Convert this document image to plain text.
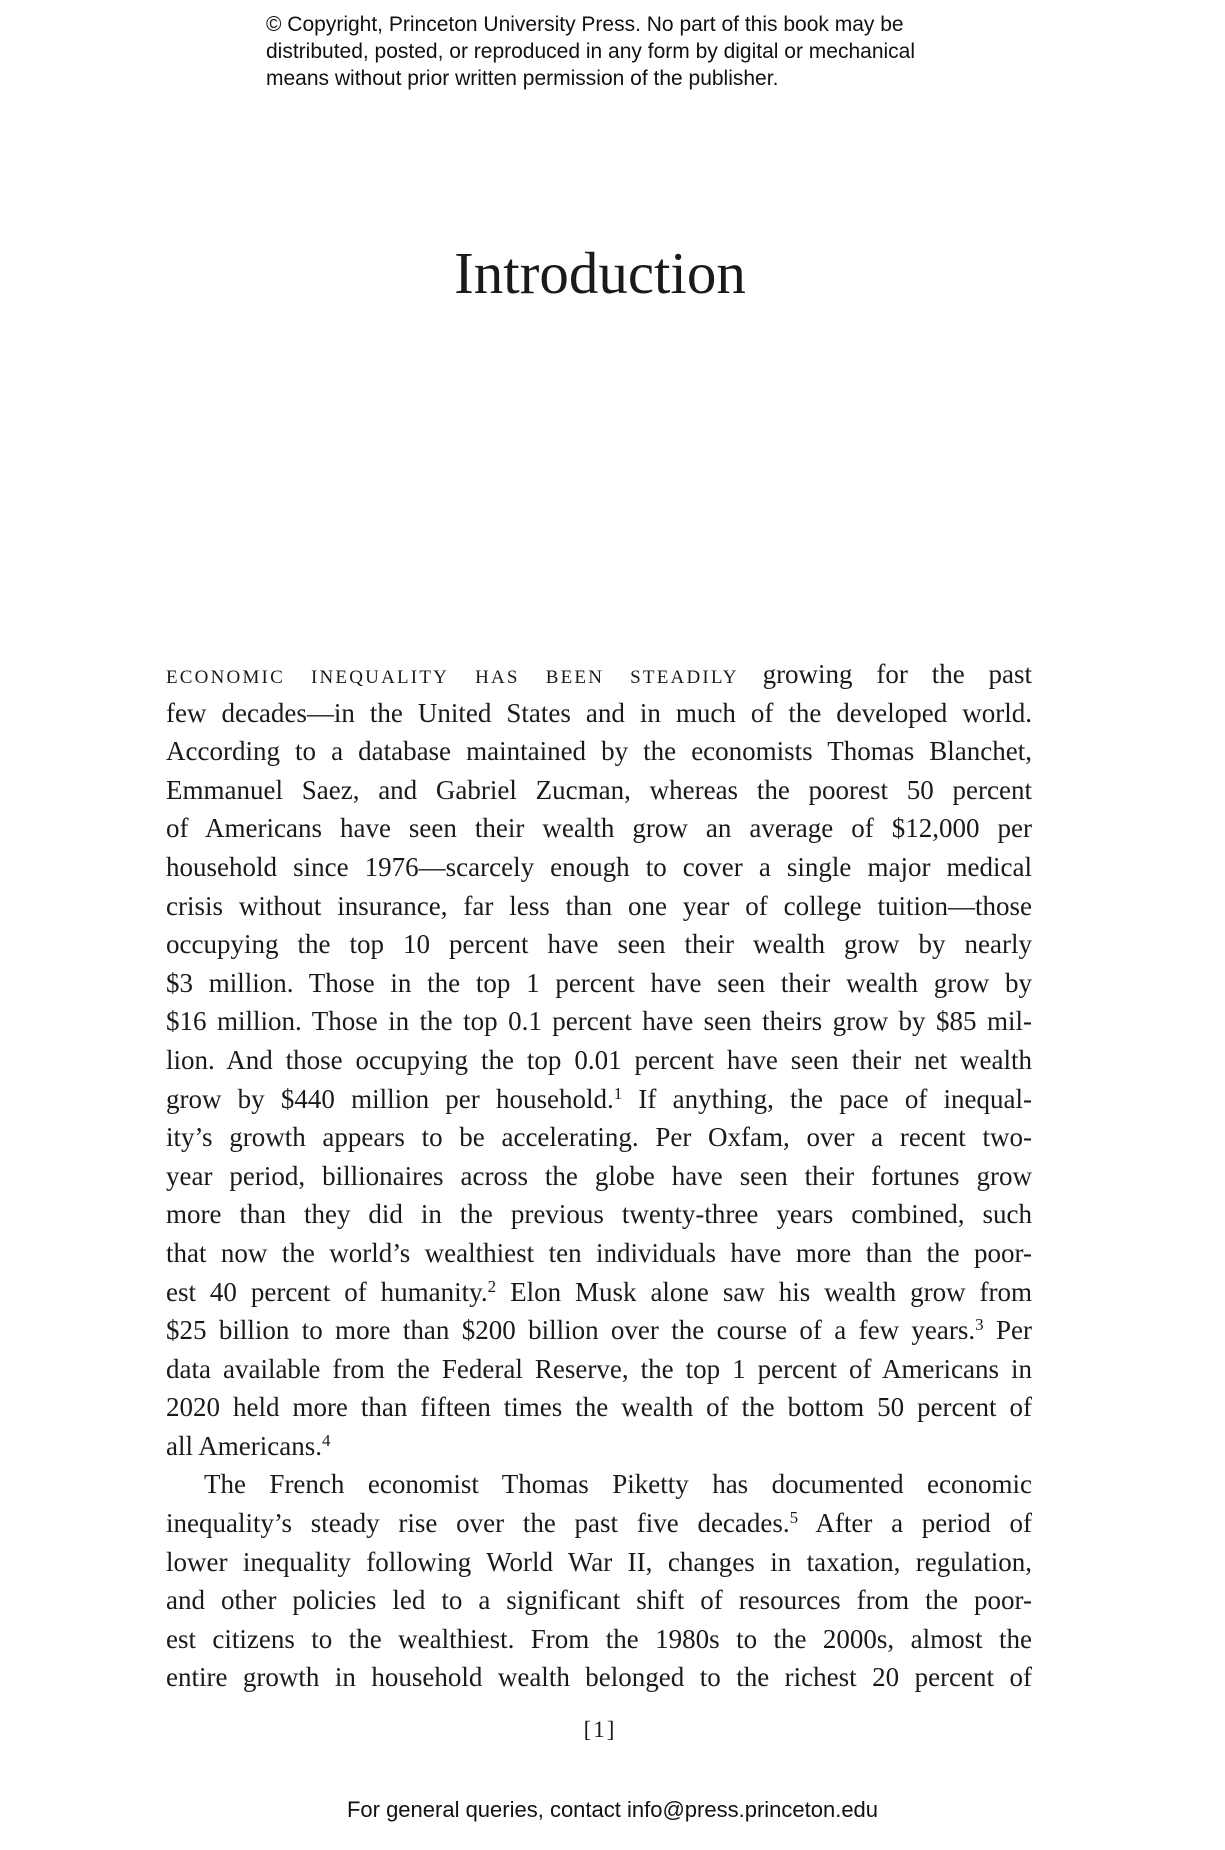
© Copyright, Princeton University Press. No part of this book may be
distributed, posted, or reproduced in any form by digital or mechanical
means without prior written permission of the publisher.
Introduction
economic inequality has been steadily growing for the past
few decades—in the United States and in much of the developed world.
According to a database maintained by the economists Thomas Blanchet,
Emmanuel Saez, and Gabriel Zucman, whereas the poorest 50 percent
of Americans have seen their wealth grow an average of $12,000 per
household since 1976—scarcely enough to cover a single major medical
crisis without insurance, far less than one year of college tuition—those
occupying the top 10 percent have seen their wealth grow by nearly
$3 million. Those in the top 1 percent have seen their wealth grow by
$16 million. Those in the top 0.1 percent have seen theirs grow by $85 mil-
lion. And those occupying the top 0.01 percent have seen their net wealth
grow by $440 million per household.$^1$ If anything, the pace of inequal-
ity’s growth appears to be accelerating. Per Oxfam, over a recent two-
year period, billionaires across the globe have seen their fortunes grow
more than they did in the previous twenty-three years combined, such
that now the world’s wealthiest ten individuals have more than the poor-
est 40 percent of humanity.$^2$ Elon Musk alone saw his wealth grow from
$25 billion to more than $200 billion over the course of a few years.$^3$ Per
data available from the Federal Reserve, the top 1 percent of Americans in
2020 held more than fifteen times the wealth of the bottom 50 percent of
all Americans.$^4$
The French economist Thomas Piketty has documented economic
inequality’s steady rise over the past five decades.$^5$ After a period of
lower inequality following World War II, changes in taxation, regulation,
and other policies led to a significant shift of resources from the poor-
est citizens to the wealthiest. From the 1980s to the 2000s, almost the
entire growth in household wealth belonged to the richest 20 percent of
[1]
For general queries, contact info@press.princeton.edu
